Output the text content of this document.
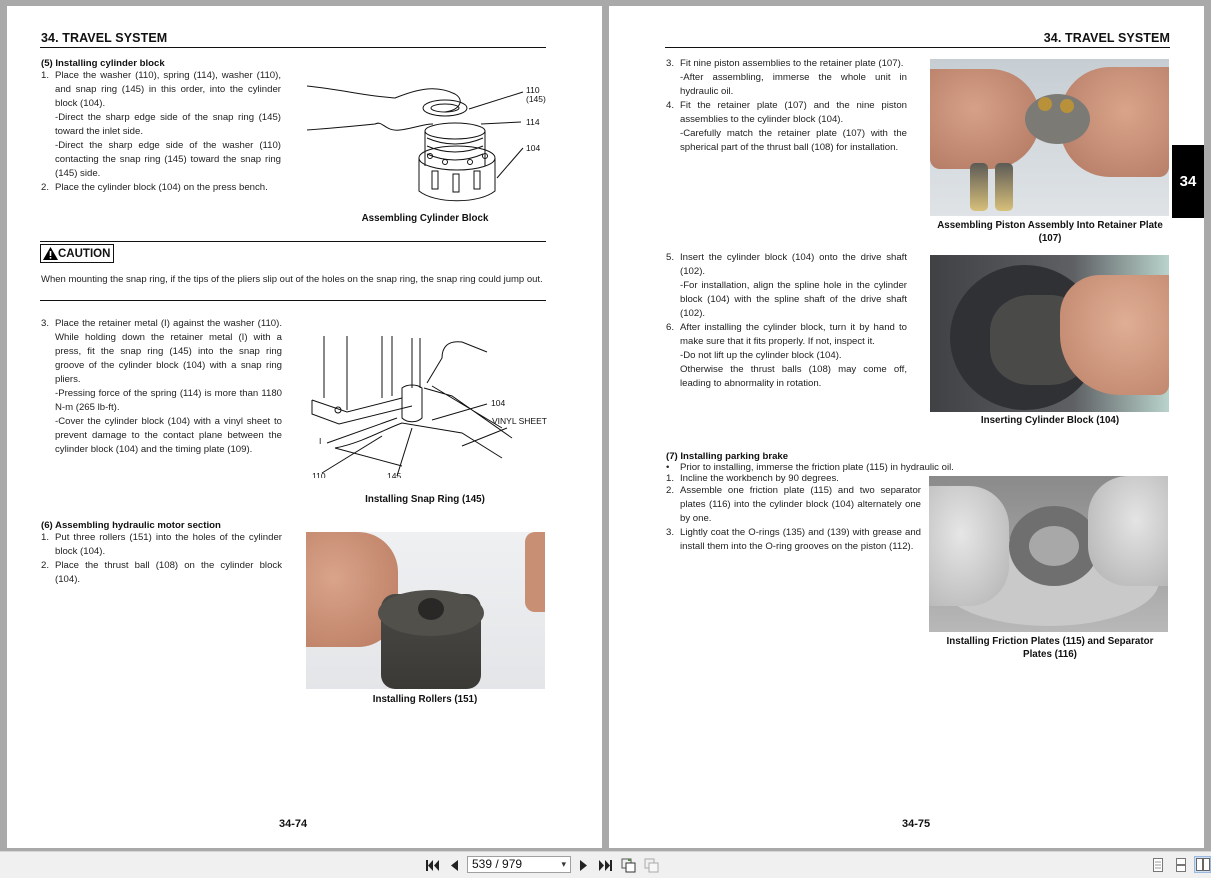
34. TRAVEL SYSTEM
(5) Installing cylinder block
1. Place the washer (110), spring (114), washer (110), and snap ring (145) in this order, into the cylinder block (104).
-Direct the sharp edge side of the snap ring (145) toward the inlet side.
-Direct the sharp edge side of the washer (110) contacting the snap ring (145) toward the snap ring (145) side.
2. Place the cylinder block (104) on the press bench.
110
(145)
114
104
Assembling Cylinder Block
CAUTION
When mounting the snap ring, if the tips of the pliers slip out of the holes on the snap ring, the snap ring could jump out.
3. Place the retainer metal (I) against the washer (110). While holding down the retainer metal (I) with a press, fit the snap ring (145) into the snap ring groove of the cylinder block (104) with a snap ring pliers.
-Pressing force of the spring (114) is more than 1180 N-m (265 lb-ft).
-Cover the cylinder block (104) with a vinyl sheet to prevent damage to the contact plane between the cylinder block (104) and the timing plate (109).
104
VINYL SHEET
I
110	145
Installing Snap Ring (145)
(6) Assembling hydraulic motor section
1. Put three rollers (151) into the holes of the cylinder block (104).
2. Place the thrust ball (108) on the cylinder block (104).
Installing Rollers (151)
34-74
34. TRAVEL SYSTEM
3. Fit nine piston assemblies to the retainer plate (107).
-After assembling, immerse the whole unit in hydraulic oil.
4. Fit the retainer plate (107) and the nine piston assemblies to the cylinder block (104).
-Carefully match the retainer plate (107) with the spherical part of the thrust ball (108) for installation.
Assembling Piston Assembly Into Retainer Plate
(107)
5. Insert the cylinder block (104) onto the drive shaft (102).
-For installation, align the spline hole in the cylinder block (104) with the spline shaft of the drive shaft (102).
6. After installing the cylinder block, turn it by hand to make sure that it fits properly. If not, inspect it.
-Do not lift up the cylinder block (104).
Otherwise the thrust balls (108) may come off, leading to abnormality in rotation.
Inserting Cylinder Block (104)
(7) Installing parking brake
• Prior to installing, immerse the friction plate (115) in hydraulic oil.
1. Incline the workbench by 90 degrees.
2. Assemble one friction plate (115) and two separator plates (116) into the cylinder block (104) alternately one by one.
3. Lightly coat the O-rings (135) and (139) with grease and install them into the O-ring grooves on the piston (112).
Installing Friction Plates (115) and Separator
Plates (116)
34-75
34
539 / 979	▾
